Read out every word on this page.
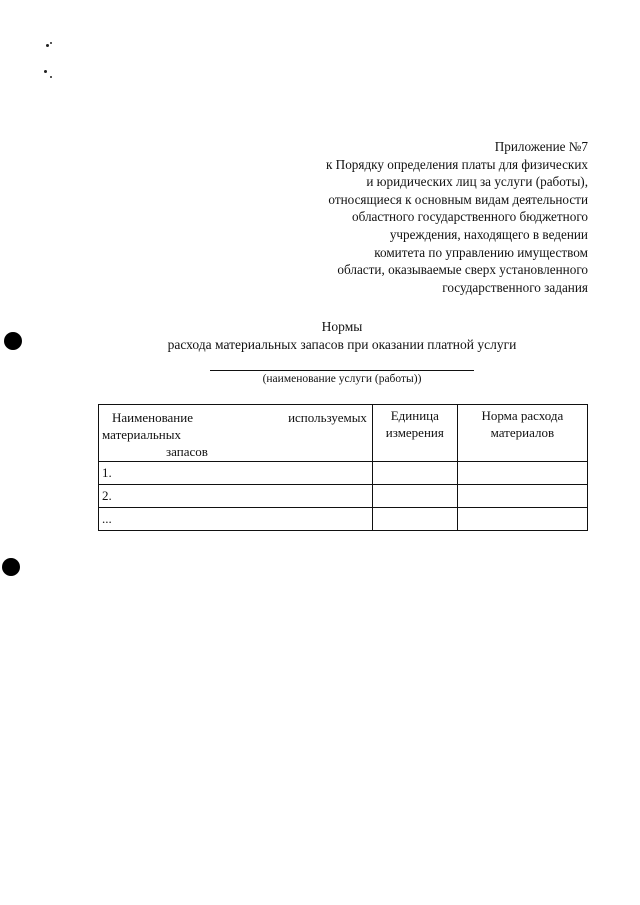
Приложение №7
к Порядку определения платы для физических
и юридических лиц за услуги (работы),
относящиеся к основным видам деятельности
областного государственного бюджетного
учреждения, находящего в ведении
комитета по управлению имуществом
области, оказываемые сверх установленного
государственного задания
Нормы
расхода материальных запасов при оказании платной услуги
(наименование услуги (работы))
Наименование используемых
материальных
запасов	Единица измерения	Норма расхода материалов
1.		
2.		
...		
